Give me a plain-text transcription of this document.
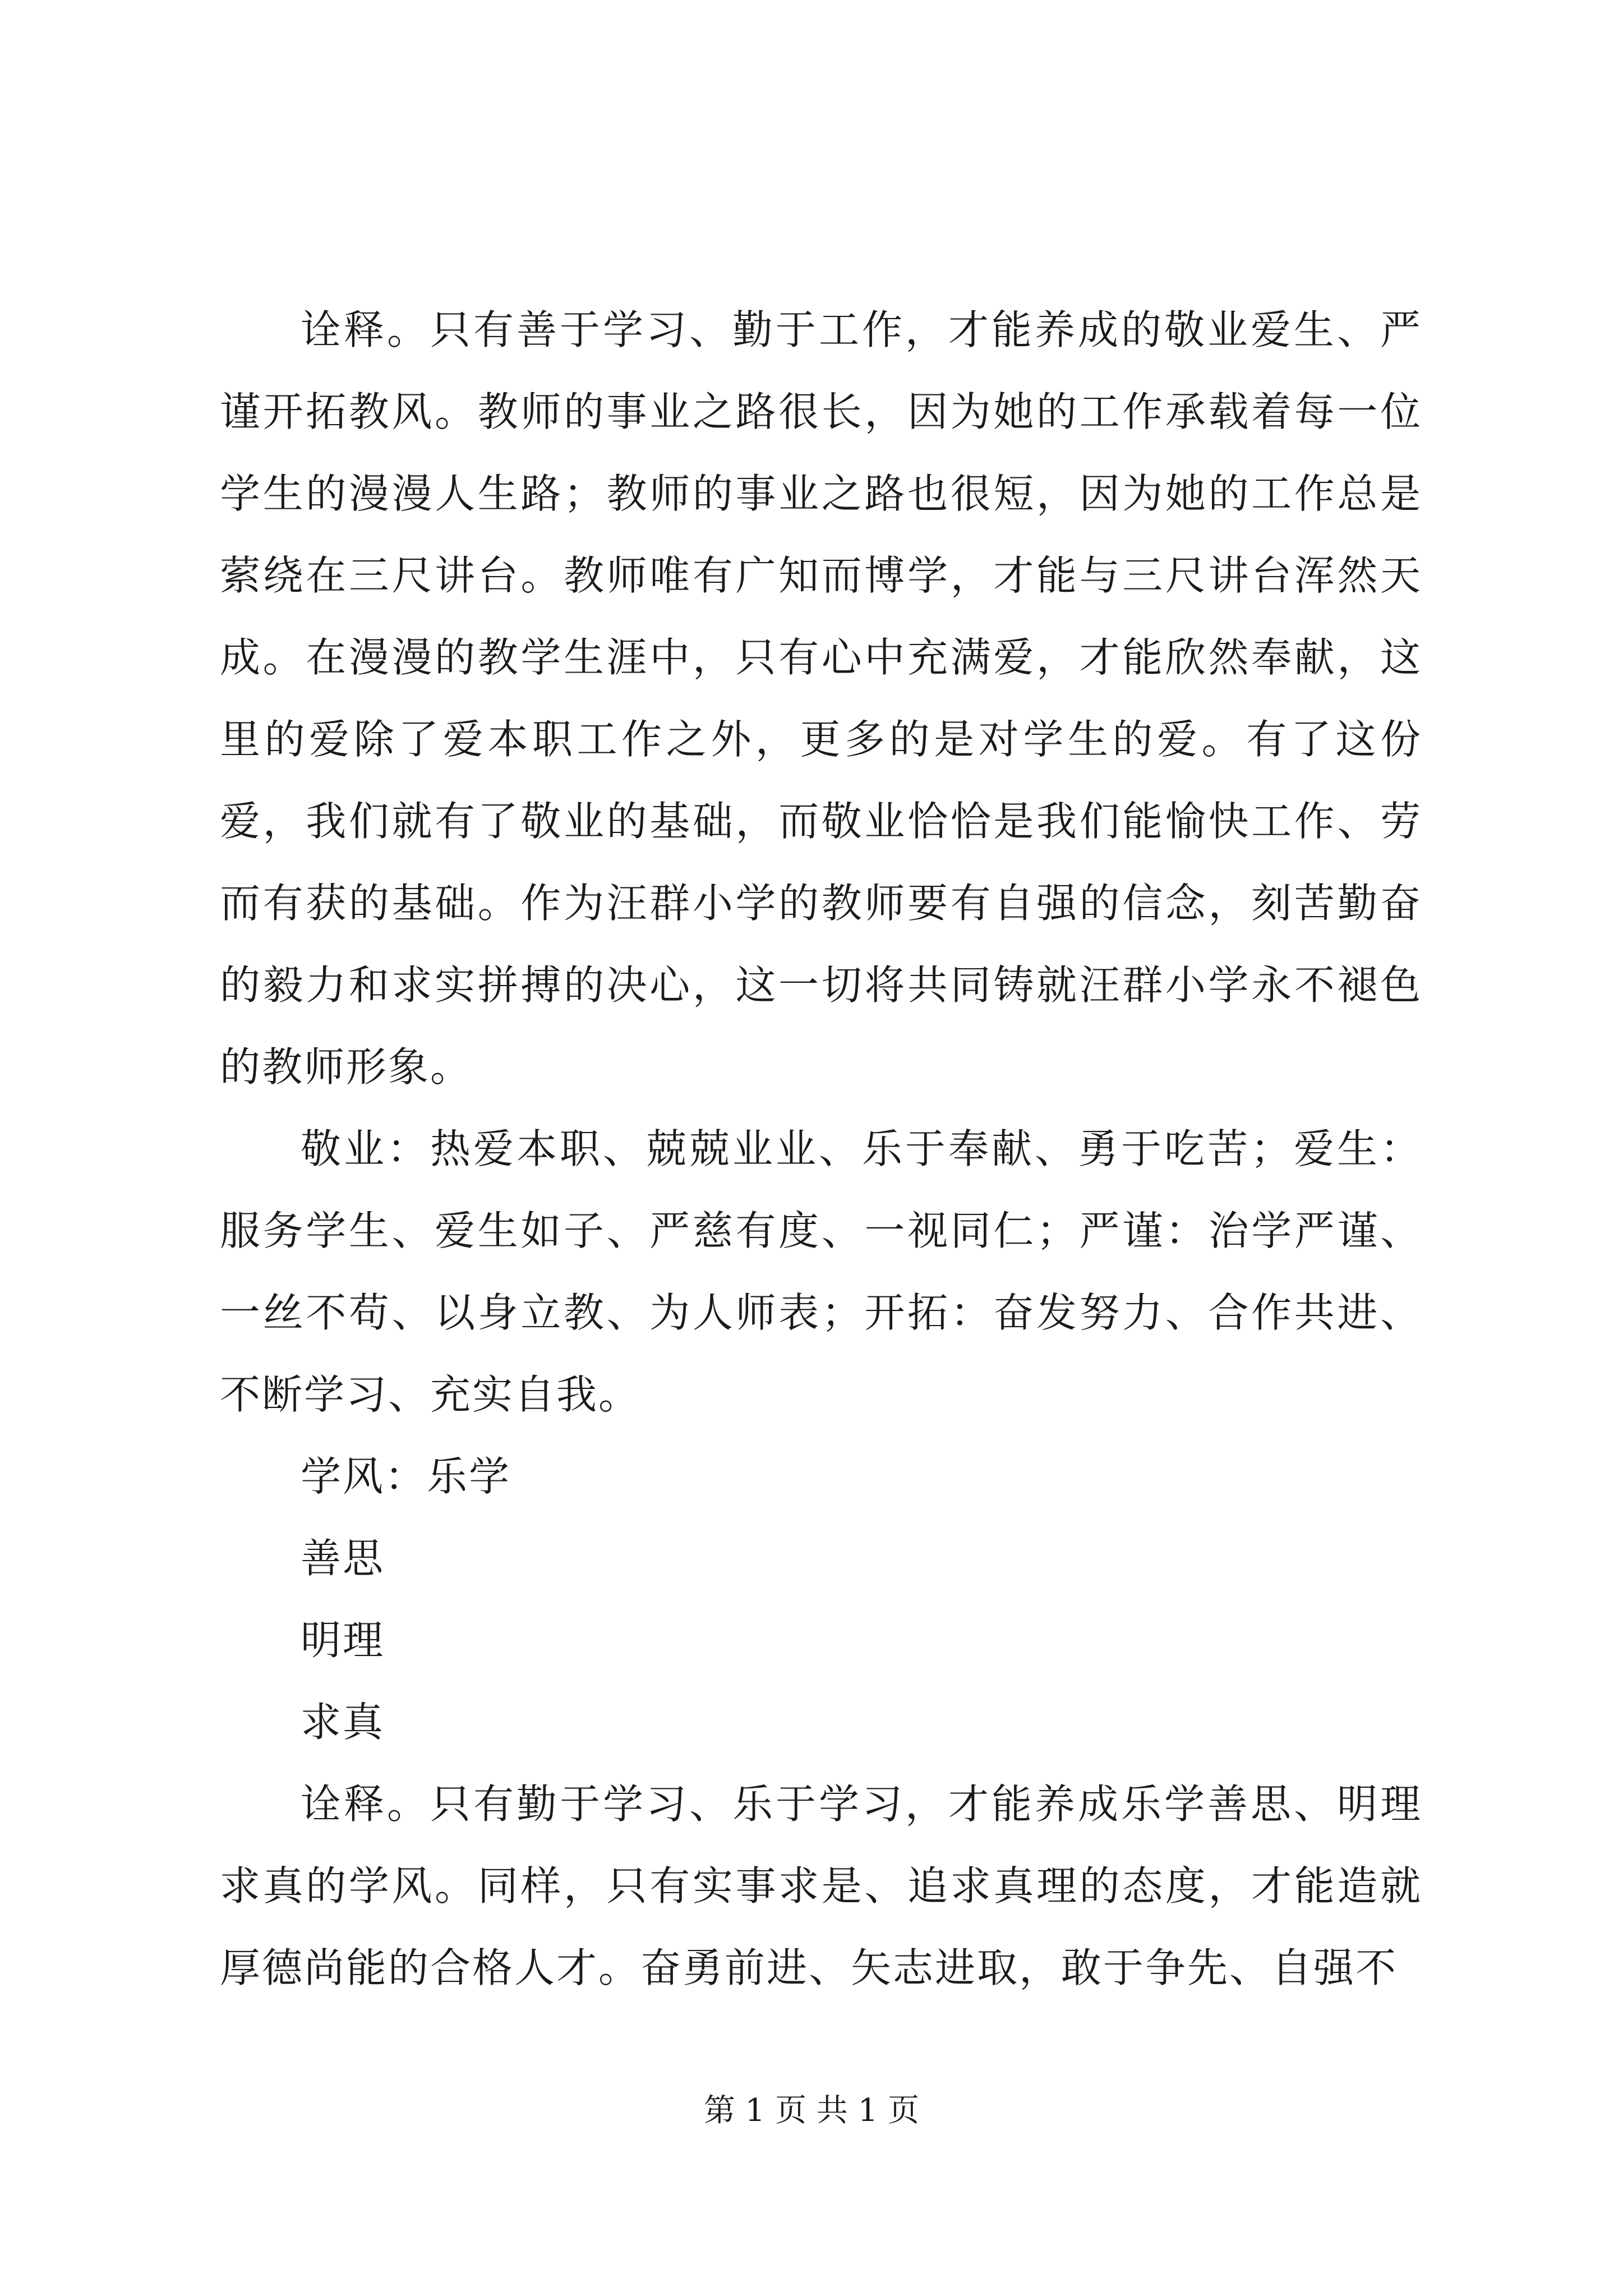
诠释。只有善于学习、勤于工作，才能养成的敬业爱生、严谨开拓教风。教师的事业之路很长，因为她的工作承载着每一位学生的漫漫人生路；教师的事业之路也很短，因为她的工作总是萦绕在三尺讲台。教师唯有广知而博学，才能与三尺讲台浑然天成。在漫漫的教学生涯中，只有心中充满爱，才能欣然奉献，这里的爱除了爱本职工作之外，更多的是对学生的爱。有了这份爱，我们就有了敬业的基础，而敬业恰恰是我们能愉快工作、劳而有获的基础。作为汪群小学的教师要有自强的信念，刻苦勤奋的毅力和求实拼搏的决心，这一切将共同铸就汪群小学永不褪色的教师形象。

敬业：热爱本职、兢兢业业、乐于奉献、勇于吃苦；爱生：服务学生、爱生如子、严慈有度、一视同仁；严谨：治学严谨、一丝不苟、以身立教、为人师表；开拓：奋发努力、合作共进、不断学习、充实自我。

学风：乐学

善思

明理

求真

诠释。只有勤于学习、乐于学习，才能养成乐学善思、明理求真的学风。同样，只有实事求是、追求真理的态度，才能造就厚德尚能的合格人才。奋勇前进、矢志进取，敢于争先、自强不

第 1 页 共 1 页
